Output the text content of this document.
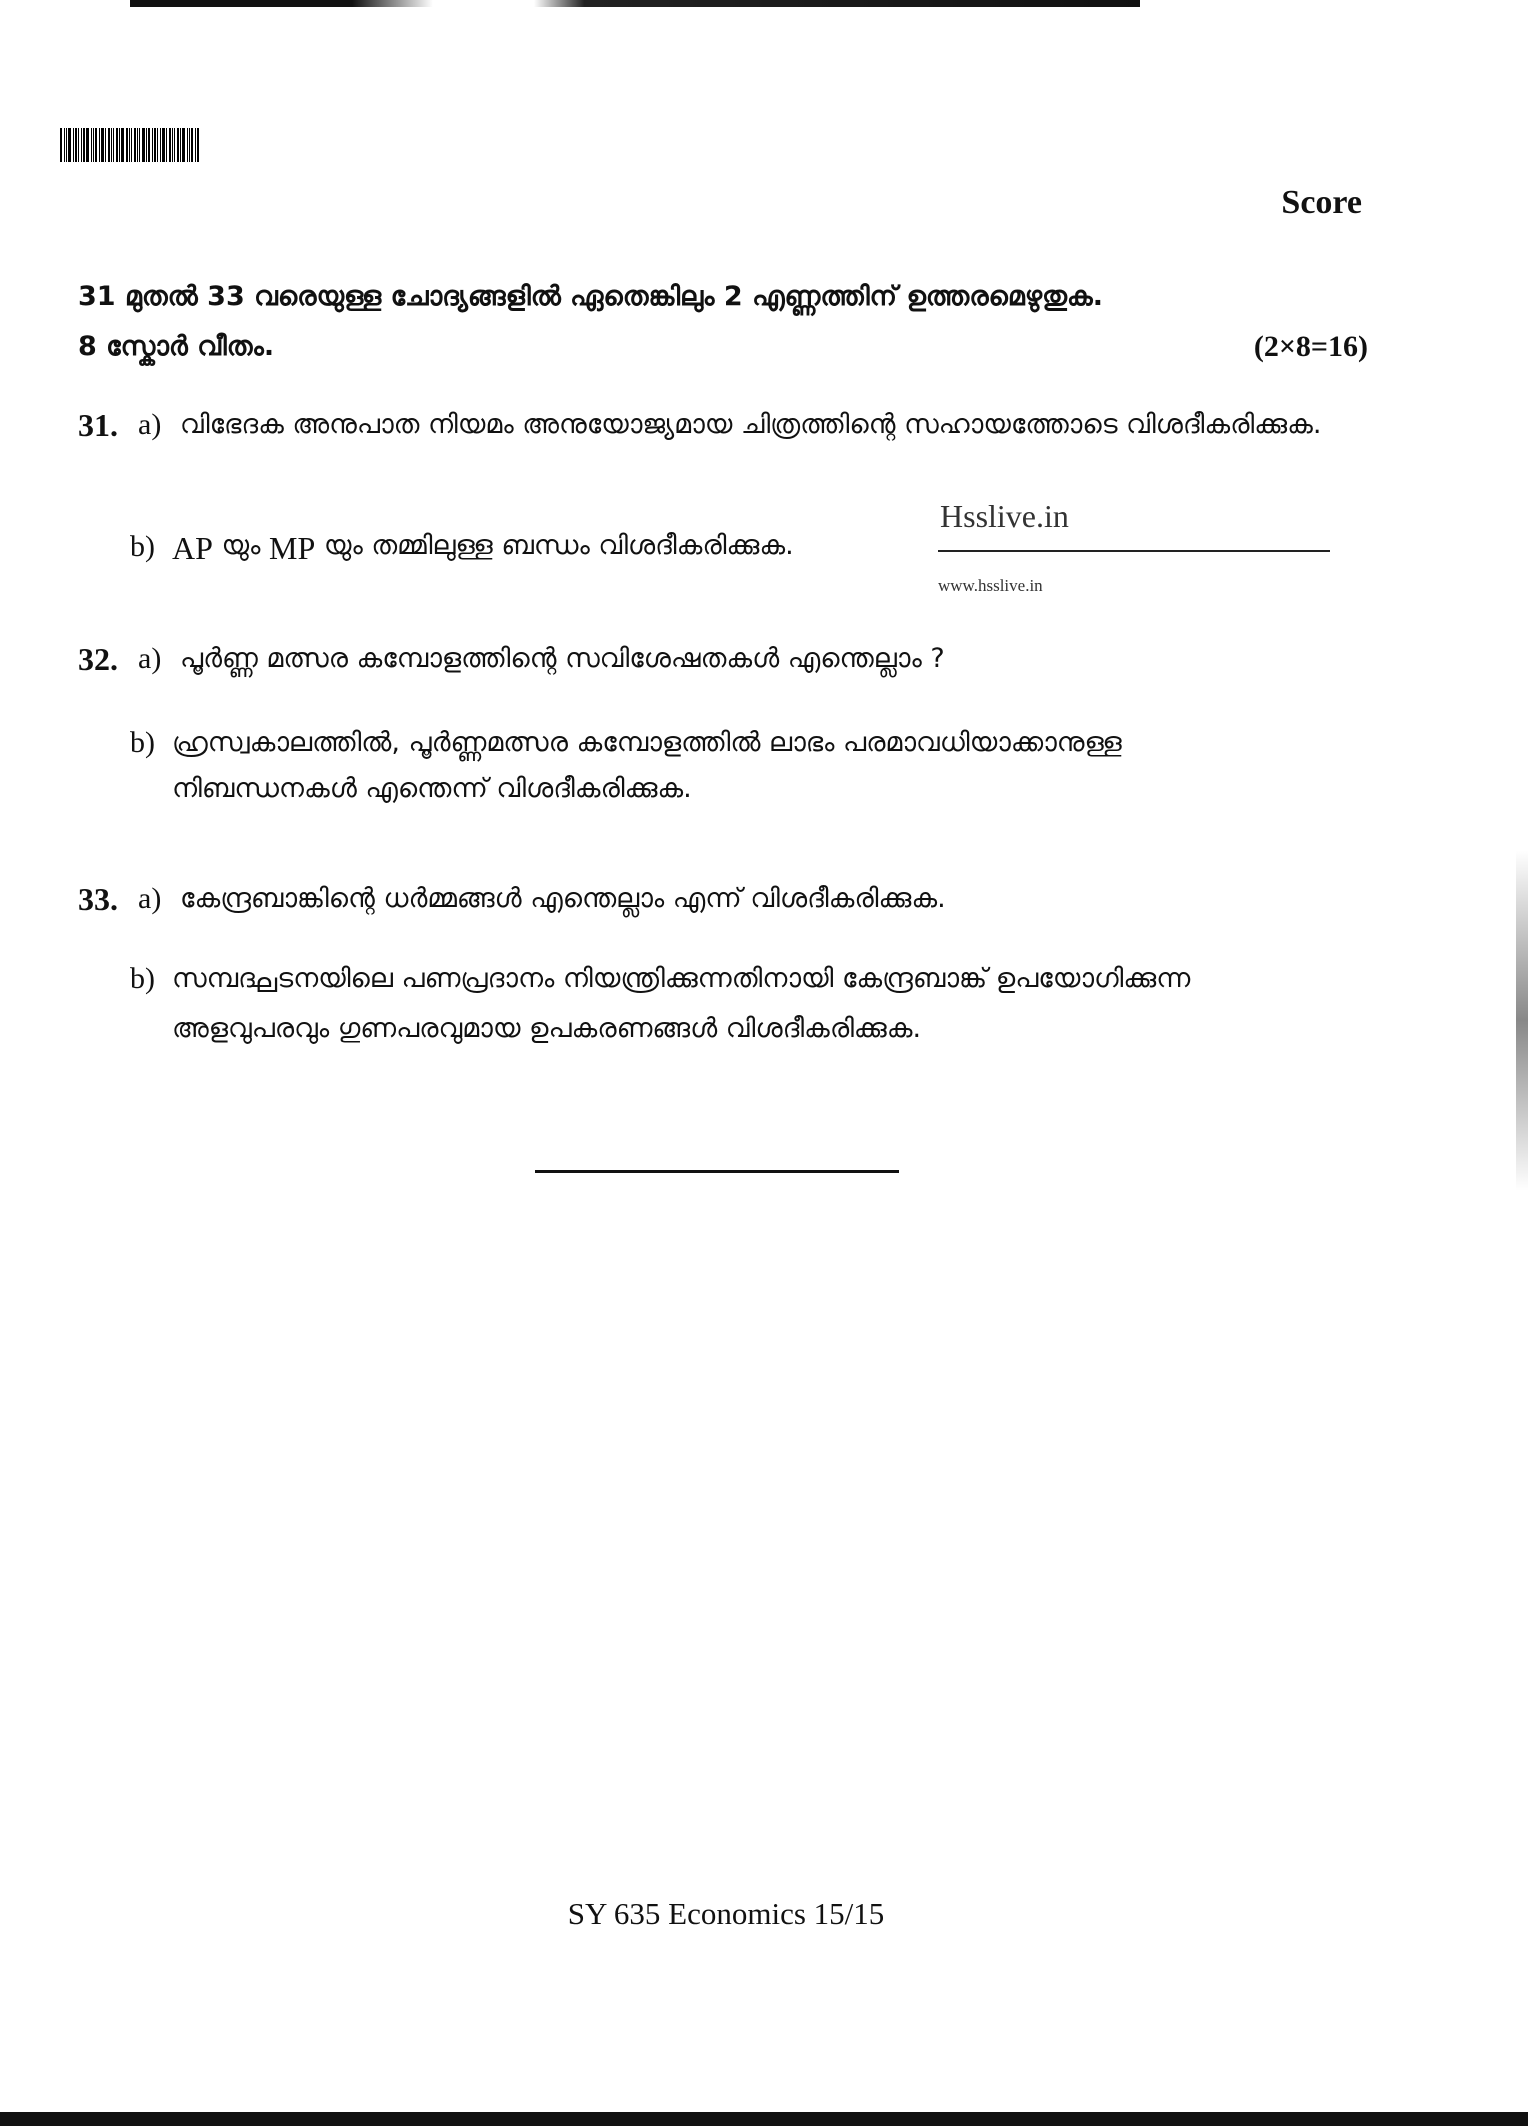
Score
31 മുതൽ 33 വരെയുള്ള ചോദ്യങ്ങളിൽ ഏതെങ്കിലും 2 എണ്ണത്തിന് ഉത്തരമെഴുതുക.
8 സ്കോർ വീതം.	(2×8=16)
31. a) വിഭേദക അനുപാത നിയമം അനുയോജ്യമായ ചിത്രത്തിന്റെ സഹായത്തോടെ വിശദീകരിക്കുക.
b) AP
യും
MP
യും തമ്മിലുള്ള ബന്ധം വിശദീകരിക്കുക.
Hsslive.in
www.hsslive.in
32. a) പൂർണ്ണ മത്സര കമ്പോളത്തിന്റെ സവിശേഷതകൾ എന്തെല്ലാം ?
b) ഹ്രസ്വകാലത്തിൽ, പൂർണ്ണമത്സര കമ്പോളത്തിൽ ലാഭം പരമാവധിയാക്കാനുള്ള നിബന്ധനകൾ എന്തെന്ന് വിശദീകരിക്കുക.
33. a) കേന്ദ്രബാങ്കിന്റെ ധർമ്മങ്ങൾ എന്തെല്ലാം എന്ന് വിശദീകരിക്കുക.
b) സമ്പദ്ഘടനയിലെ പണപ്രദാനം നിയന്ത്രിക്കുന്നതിനായി കേന്ദ്രബാങ്ക് ഉപയോഗിക്കുന്ന അളവുപരവും ഗുണപരവുമായ ഉപകരണങ്ങൾ വിശദീകരിക്കുക.
SY 635 Economics 15/15
